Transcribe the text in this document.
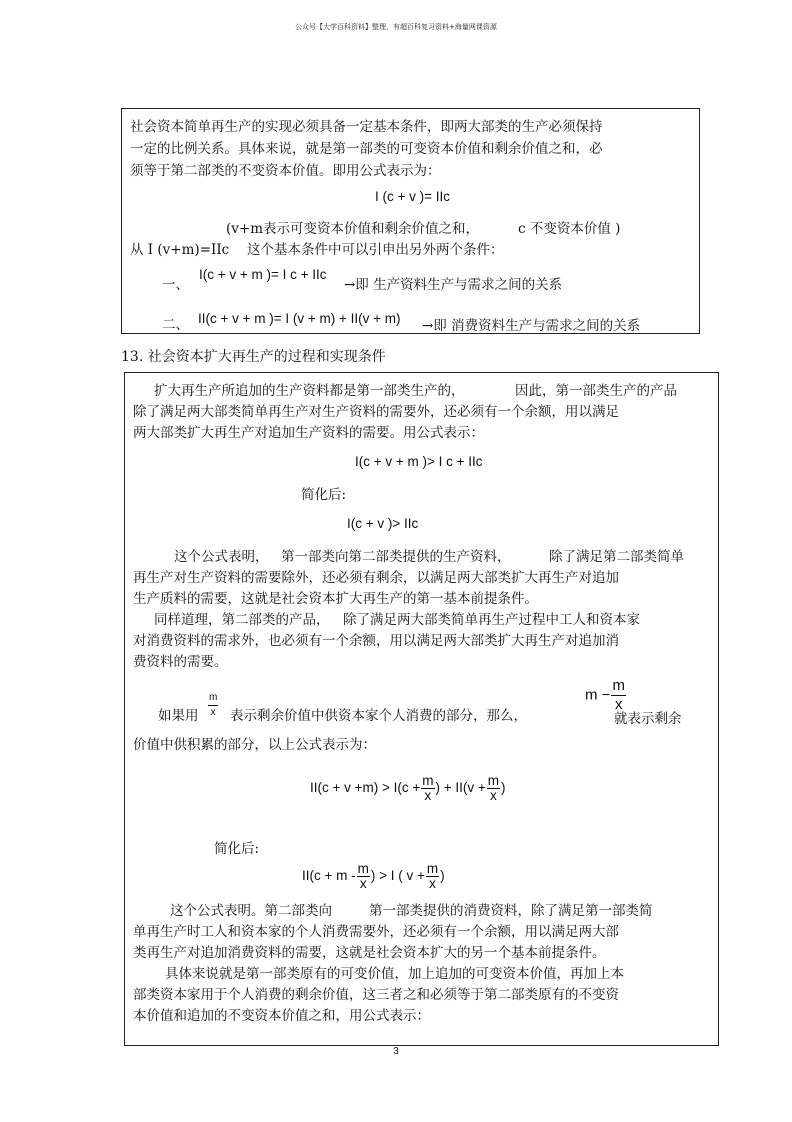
公众号【大学百科资料】整理，有超百科复习资料+海量网课资源
社会资本简单再生产的实现必须具备一定基本条件，即两大部类的生产必须保持
一定的比例关系。具体来说，就是第一部类的可变资本价值和剩余价值之和，必
须等于第二部类的不变资本价值。即用公式表示为：
I (c + v )= IIc
(v+m表示可变资本价值和剩余价值之和，	c 不变资本价值 )
从 I (v+m)=IIc 这个基本条件中可以引申出另外两个条件：
一、
I(c + v + m )= I c + IIc
→即 生产资料生产与需求之间的关系
二、 II(c + v + m )= I (v + m) + II(v + m) →即 消费资料生产与需求之间的关系
13. 社会资本扩大再生产的过程和实现条件
扩大再生产所追加的生产资料都是第一部类生产的，	因此，第一部类生产的产品
除了满足两大部类简单再生产对生产资料的需要外，还必须有一个余额，用以满足
两大部类扩大再生产对追加生产资料的需要。用公式表示：
I(c + v + m )> I c + IIc
简化后:
I(c + v )> IIc
这个公式表明， 第一部类向第二部类提供的生产资料，	除了满足第二部类简单
再生产对生产资料的需要除外，还必须有剩余，以满足两大部类扩大再生产对追加
生产质料的需要，这就是社会资本扩大再生产的第一基本前提条件。
同样道理，第二部类的产品， 除了满足两大部类简单再生产过程中工人和资本家
对消费资料的需求外，也必须有一个余额，用以满足两大部类扩大再生产对追加消
费资料的需要。
如果用 $\frac{m}{x}$ 表示剩余价值中供资本家个人消费的部分，那么，
$m - \frac{m}{x}$
就表示剩余
价值中供积累的部分，以上公式表示为：
$II(c + v +m) > I(c + \frac{m}{x}$ ) + $II(v + \frac{m}{x}$ )
简化后:
$II(c + m - \frac{m}{x}$ ) > I ( $v + \frac{m}{x}$ )
这个公式表明。第二部类向	第一部类提供的消费资料，除了满足第一部类简
单再生产时工人和资本家的个人消费需要外，还必须有一个余额，用以满足两大部
类再生产对追加消费资料的需要，这就是社会资本扩大的另一个基本前提条件。
具体来说就是第一部类原有的可变价值，加上追加的可变资本价值，再加上本
部类资本家用于个人消费的剩余价值，这三者之和必须等于第二部类原有的不变资
本价值和追加的不变资本价值之和，用公式表示：
3
